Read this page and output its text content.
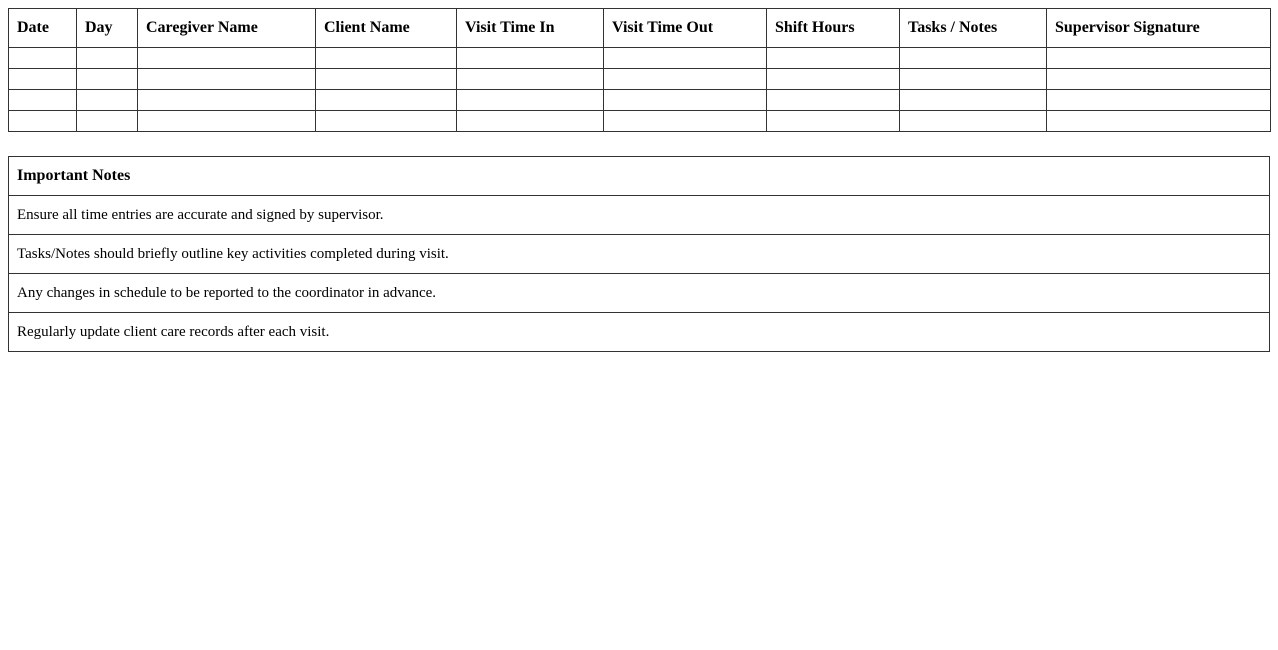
Date	Day	Caregiver Name	Client Name	Visit Time In	Visit Time Out	Shift Hours	Tasks / Notes	Supervisor Signature

Important Notes
Ensure all time entries are accurate and signed by supervisor.
Tasks/Notes should briefly outline key activities completed during visit.
Any changes in schedule to be reported to the coordinator in advance.
Regularly update client care records after each visit.
